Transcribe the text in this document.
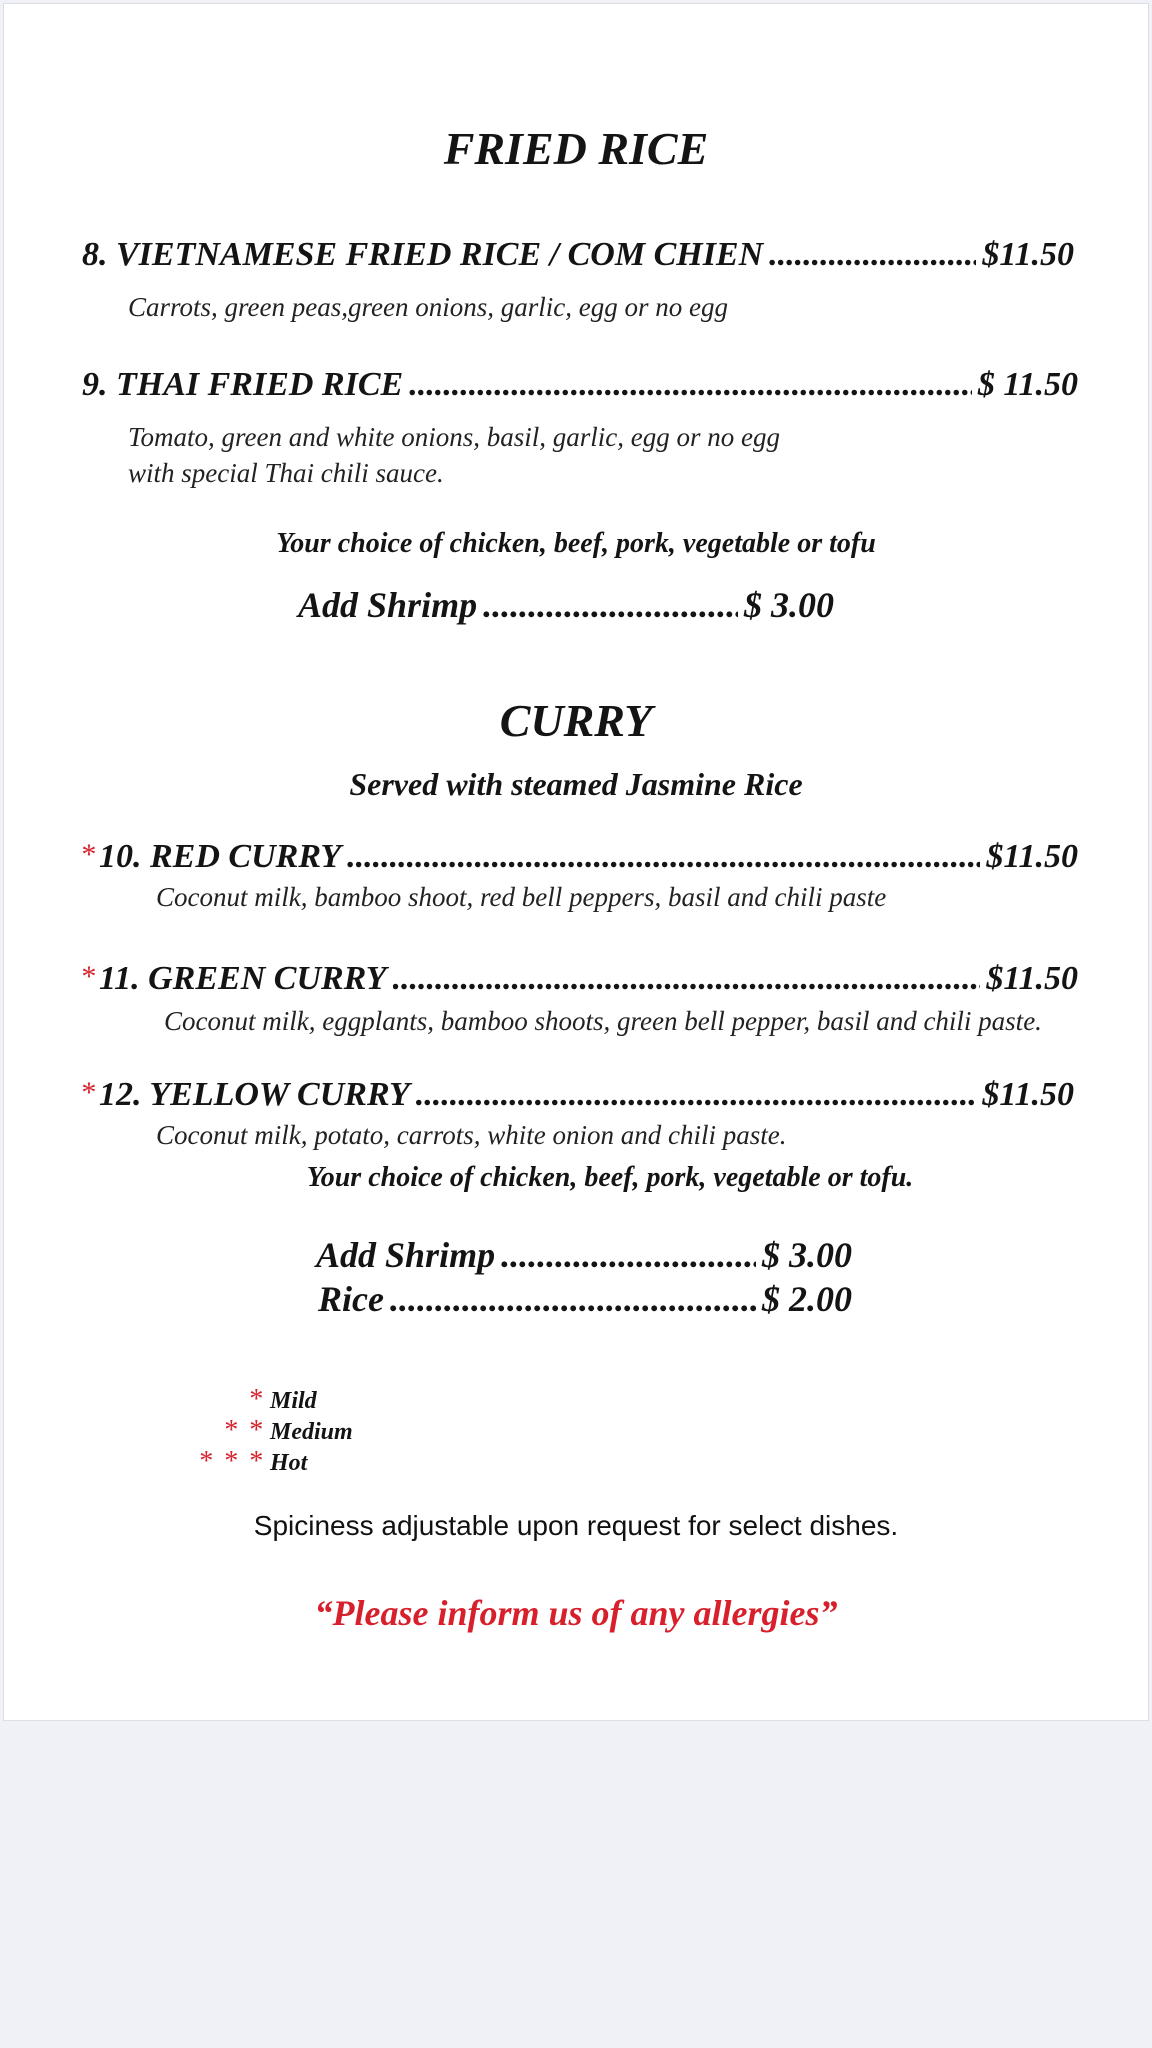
FRIED RICE
8. VIETNAMESE FRIED RICE / COM CHIEN .....	$11.50
Carrots, green peas,green onions, garlic, egg or no egg
9. THAI FRIED RICE .....	$ 11.50
Tomato, green and white onions, basil, garlic, egg or no egg
with special Thai chili sauce.
Your choice of chicken, beef, pork, vegetable or tofu
Add Shrimp .....	$ 3.00
CURRY
Served with steamed Jasmine Rice
* 10. RED CURRY .....	$11.50
Coconut milk, bamboo shoot, red bell peppers, basil and chili paste
* 11. GREEN CURRY .....	$11.50
Coconut milk, eggplants, bamboo shoots, green bell pepper, basil and chili paste.
* 12. YELLOW CURRY .....	$11.50
Coconut milk, potato, carrots, white onion and chili paste.
Your choice of chicken, beef, pork, vegetable or tofu.
Add Shrimp .....	$ 3.00
Rice .....	$ 2.00
* Mild
* * Medium
* * * Hot
Spiciness adjustable upon request for select dishes.
“Please inform us of any allergies”
